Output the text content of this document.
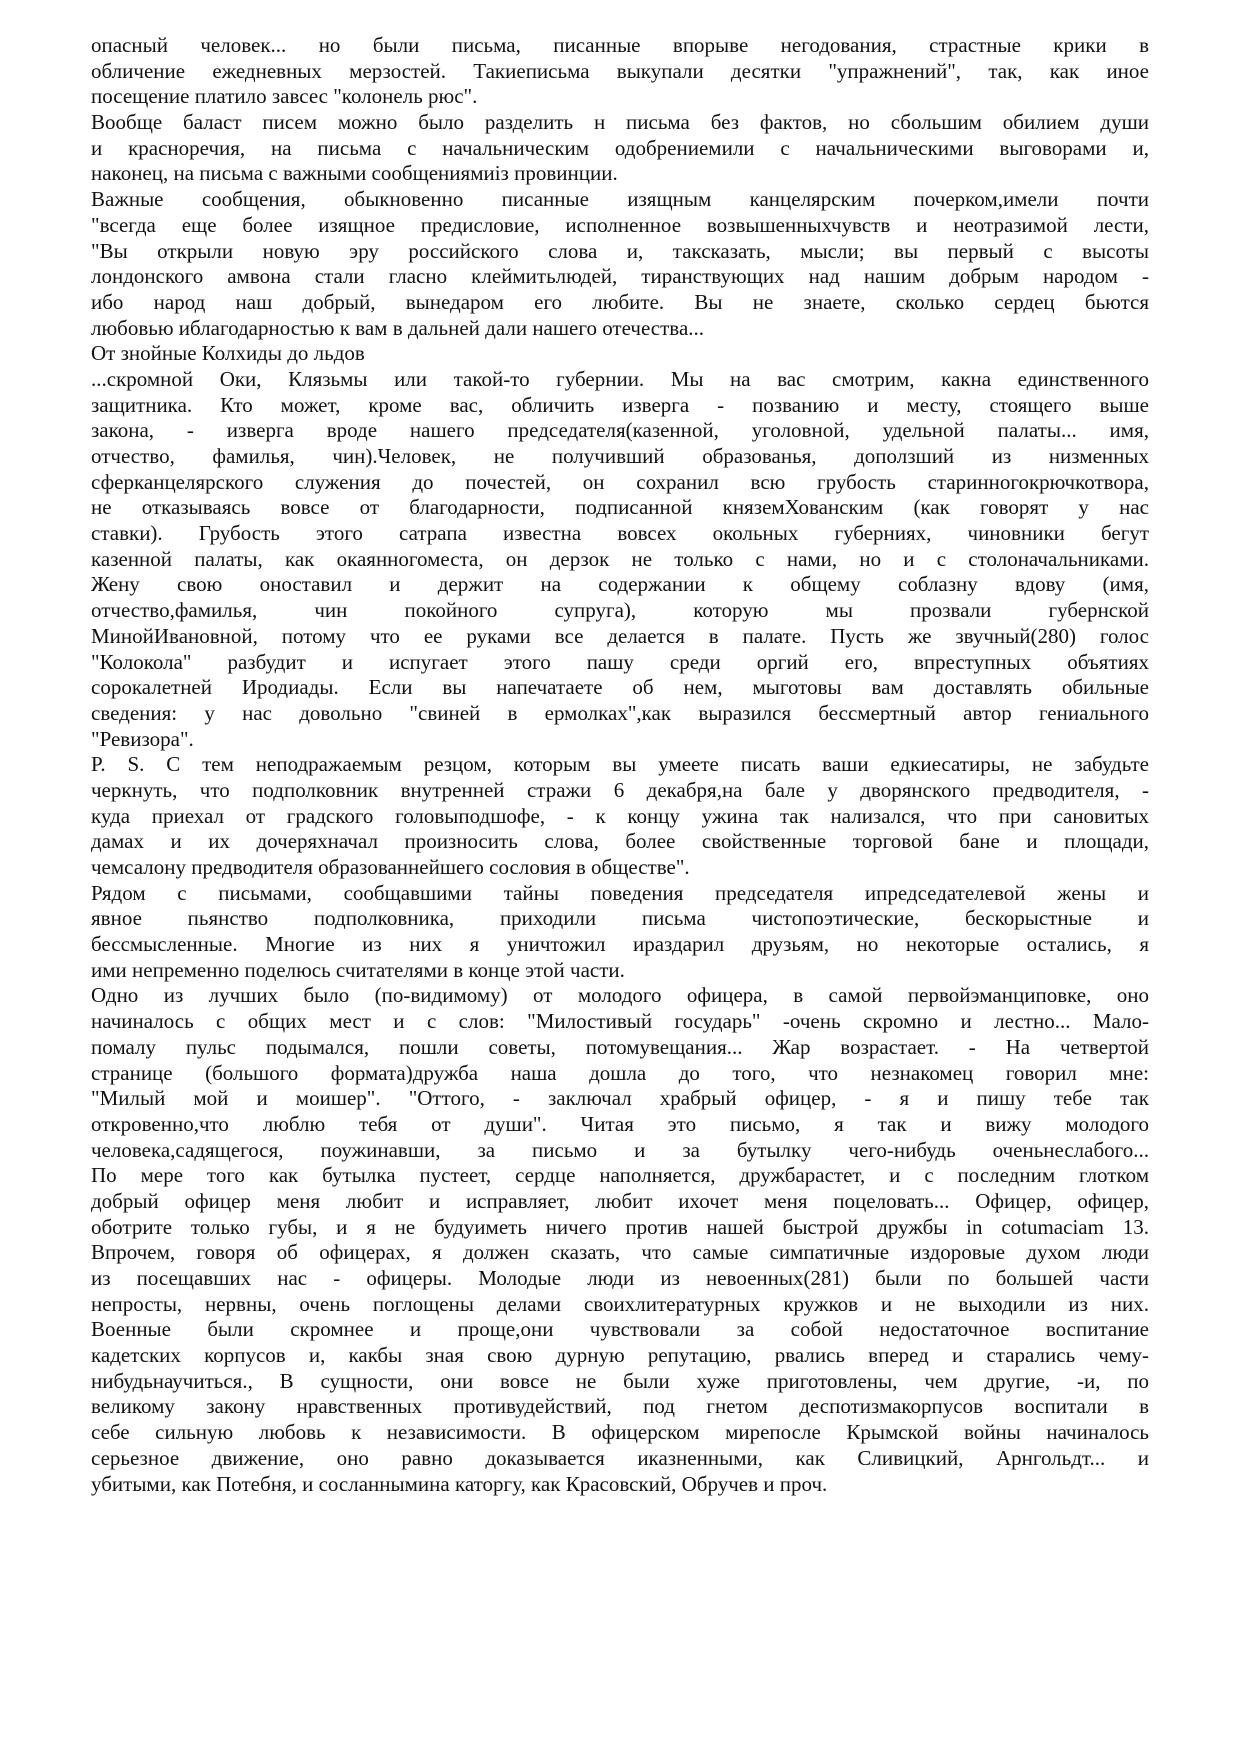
опасный человек... но были письма, писанные впорыве негодования, страстные крики в
обличение ежедневных мерзостей. Такиеписьма выкупали десятки "упражнений", так, как иное
посещение платило завсес "колонель рюс".
Вообще баласт писем можно было разделить н письма без фактов, но сбольшим обилием души
и красноречия, на письма с начальническим одобрениемили с начальническими выговорами и,
наконец, на письма с важными сообщениямиiз провинции.
Важные сообщения, обыкновенно писанные изящным канцелярским почерком,имели почти
"всегда еще более изящное предисловие, исполненное возвышенныхчувств и неотразимой лести,
"Вы открыли новую эру российского слова и, таксказать, мысли; вы первый с высоты
лондонского амвона стали гласно клеймитьлюдей, тиранствующих над нашим добрым народом -
ибо народ наш добрый, вынедаром его любите. Вы не знаете, сколько сердец бьются
любовью иблагодарностью к вам в дальней дали нашего отечества...
От знойные Колхиды до льдов
...скромной Оки, Клязьмы или такой-то губернии. Мы на вас смотрим, какна единственного
защитника. Кто может, кроме вас, обличить изверга - позванию и месту, стоящего выше
закона, - изверга вроде нашего председателя(казенной, уголовной, удельной палаты... имя,
отчество, фамилья, чин).Человек, не получивший образованья, доползший из низменных
сферканцелярского служения до почестей, он сохранил всю грубость старинногокрючкотвора,
не отказываясь вовсе от благодарности, подписанной княземХованским (как говорят у нас
ставки). Грубость этого сатрапа известна вовсех окольных губерниях, чиновники бегут
казенной палаты, как окаянногоместа, он дерзок не только с нами, но и с столоначальниками.
Жену свою оноставил и держит на содержании к общему соблазну вдову (имя,
отчество,фамилья, чин покойного супруга), которую мы прозвали губернской
МинойИвановной, потому что ее руками все делается в палате. Пусть же звучный(280) голос
"Колокола" разбудит и испугает этого пашу среди оргий его, впреступных объятиях
сорокалетней Иродиады. Если вы напечатаете об нем, мыготовы вам доставлять обильные
сведения: у нас довольно "свиней в ермолках",как выразился бессмертный автор гениального
"Ревизора".
P. S. С тем неподражаемым резцом, которым вы умеете писать ваши едкиесатиры, не забудьте
черкнуть, что подполковник внутренней стражи 6 декабря,на бале у дворянского предводителя, -
куда приехал от градского головыподшофе, - к концу ужина так нализался, что при сановитых
дамах и их дочеряхначал произносить слова, более свойственные торговой бане и площади,
чемсалону предводителя образованнейшего сословия в обществе".
Рядом с письмами, сообщавшими тайны поведения председателя ипредседателевой жены и
явное пьянство подполковника, приходили письма чистопоэтические, бескорыстные и
бессмысленные. Многие из них я уничтожил ираздарил друзьям, но некоторые остались, я
ими непременно поделюсь считателями в конце этой части.
Одно из лучших было (по-видимому) от молодого офицера, в самой первойэманциповке, оно
начиналось с общих мест и с слов: "Милостивый государь" -очень скромно и лестно... Мало-
помалу пульс подымался, пошли советы, потомувещания... Жар возрастает. - На четвертой
странице (большого формата)дружба наша дошла до того, что незнакомец говорил мне:
"Милый мой и моишер". "Оттого, - заключал храбрый офицер, - я и пишу тебе так
откровенно,что люблю тебя от души". Читая это письмо, я так и вижу молодого
человека,садящегося, поужинавши, за письмо и за бутылку чего-нибудь оченьнеслабого...
По мере того как бутылка пустеет, сердце наполняется, дружбарастет, и с последним глотком
добрый офицер меня любит и исправляет, любит ихочет меня поцеловать... Офицер, офицер,
оботрите только губы, и я не будуиметь ничего против нашей быстрой дружбы in cotumaciam 13.
Впрочем, говоря об офицерах, я должен сказать, что самые симпатичные издоровые духом люди
из посещавших нас - офицеры. Молодые люди из невоенных(281) были по большей части
непросты, нервны, очень поглощены делами своихлитературных кружков и не выходили из них.
Военные были скромнее и проще,они чувствовали за собой недостаточное воспитание
кадетских корпусов и, какбы зная свою дурную репутацию, рвались вперед и старались чему-
нибудьнаучиться., В сущности, они вовсе не были хуже приготовлены, чем другие, -и, по
великому закону нравственных противудействий, под гнетом деспотизмакорпусов воспитали в
себе сильную любовь к независимости. В офицерском мирепосле Крымской войны начиналось
серьезное движение, оно равно доказывается иказненными, как Сливицкий, Арнгольдт... и
убитыми, как Потебня, и сосланнымина каторгу, как Красовский, Обручев и проч.
